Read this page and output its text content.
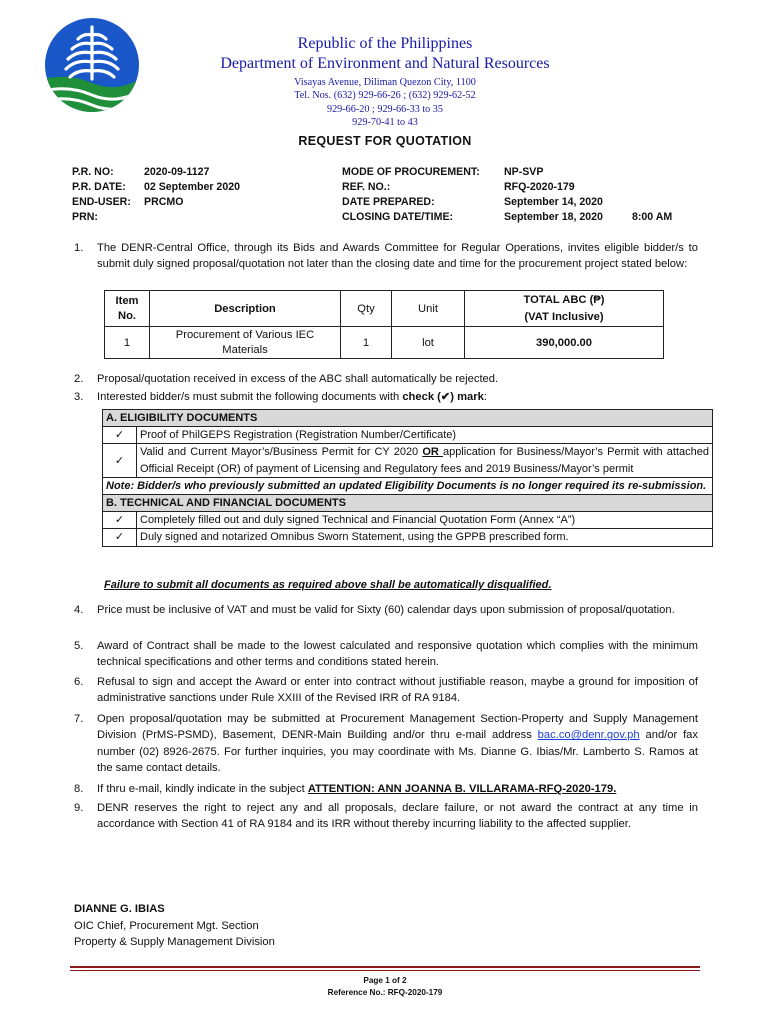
Republic of the Philippines
Department of Environment and Natural Resources
Visayas Avenue, Diliman Quezon City, 1100
Tel. Nos. (632) 929-66-26 ; (632) 929-62-52
929-66-20 ; 929-66-33 to 35
929-70-41 to 43
REQUEST FOR QUOTATION
P.R. NO:	2020-09-1127
P.R. DATE:	02 September 2020
END-USER:	PRCMO
PRN:
MODE OF PROCUREMENT:	NP-SVP
REF. NO.:	RFQ-2020-179
DATE PREPARED:	September 14, 2020
CLOSING DATE/TIME:	September 18, 2020	8:00 AM
1. The DENR-Central Office, through its Bids and Awards Committee for Regular Operations, invites eligible bidder/s to submit duly signed proposal/quotation not later than the closing date and time for the procurement project stated below:
Item No.	Description	Qty	Unit	TOTAL ABC (₱)
(VAT Inclusive)

1	Procurement of Various IEC Materials	1	lot	390,000.00
2. Proposal/quotation received in excess of the ABC shall automatically be rejected.
3. Interested bidder/s must submit the following documents with check (✔) mark:
A. ELIGIBILITY DOCUMENTS	
✓	Proof of PhilGEPS Registration (Registration Number/Certificate)
✓	Valid and Current Mayor’s/Business Permit for CY 2020 OR application for Business/Mayor’s Permit with attached Official Receipt (OR) of payment of Licensing and Regulatory fees and 2019 Business/Mayor’s permit
Note: Bidder/s who previously submitted an updated Eligibility Documents is no longer required its re-submission.	
B. TECHNICAL AND FINANCIAL DOCUMENTS	
✓	Completely filled out and duly signed Technical and Financial Quotation Form (Annex “A”)
✓	Duly signed and notarized Omnibus Sworn Statement, using the GPPB prescribed form.
Failure to submit all documents as required above shall be automatically disqualified.
4. Price must be inclusive of VAT and must be valid for Sixty (60) calendar days upon submission of proposal/quotation.
5. Award of Contract shall be made to the lowest calculated and responsive quotation which complies with the minimum technical specifications and other terms and conditions stated herein.
6. Refusal to sign and accept the Award or enter into contract without justifiable reason, maybe a ground for imposition of administrative sanctions under Rule XXIII of the Revised IRR of RA 9184.
7. Open proposal/quotation may be submitted at Procurement Management Section-Property and Supply Management Division (PrMS-PSMD), Basement, DENR-Main Building and/or thru e-mail address bac.co@denr.gov.ph and/or fax number (02) 8926-2675. For further inquiries, you may coordinate with Ms. Dianne G. Ibias/Mr. Lamberto S. Ramos at the same contact details.
8. If thru e-mail, kindly indicate in the subject ATTENTION: ANN JOANNA B. VILLARAMA-RFQ-2020-179.
9. DENR reserves the right to reject any and all proposals, declare failure, or not award the contract at any time in accordance with Section 41 of RA 9184 and its IRR without thereby incurring liability to the affected supplier.
DIANNE G. IBIAS
OIC Chief, Procurement Mgt. Section
Property & Supply Management Division
Page 1 of 2
Reference No.: RFQ-2020-179
